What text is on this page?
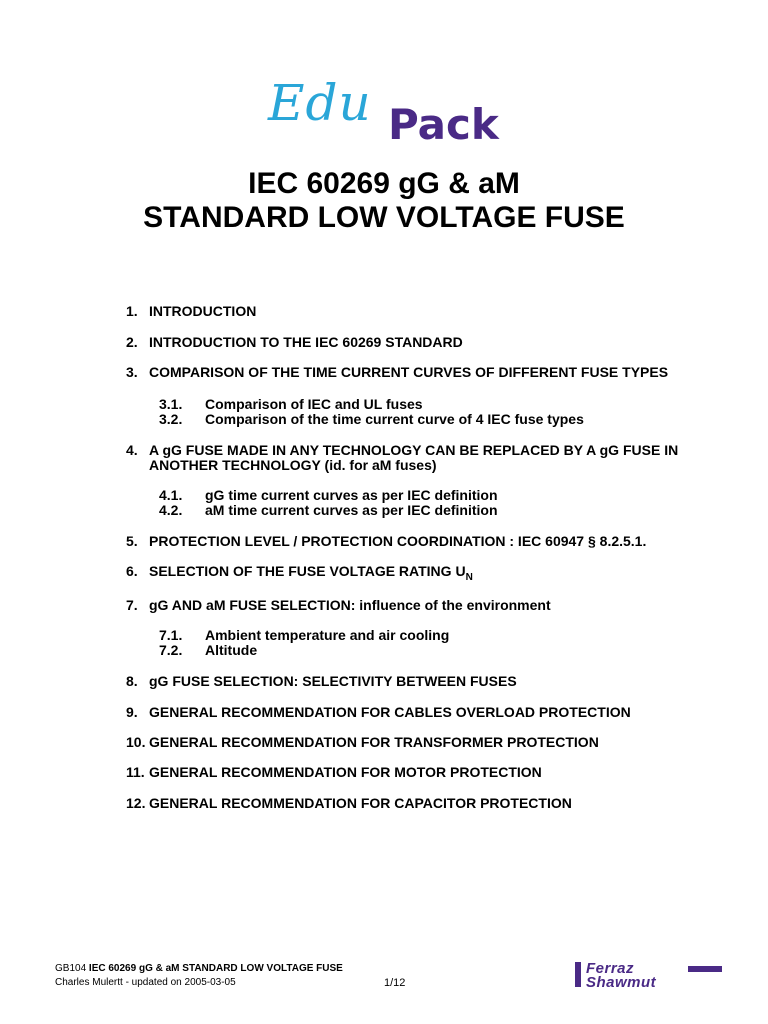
Edu Pack
IEC 60269 gG & aM
STANDARD LOW VOLTAGE FUSE
1. INTRODUCTION
2. INTRODUCTION TO THE IEC 60269 STANDARD
3. COMPARISON OF THE TIME CURRENT CURVES OF DIFFERENT FUSE TYPES
3.1. Comparison of IEC and UL fuses
3.2. Comparison of the time current curve of 4 IEC fuse types
4. A gG FUSE MADE IN ANY TECHNOLOGY CAN BE REPLACED BY A gG FUSE IN
ANOTHER TECHNOLOGY (id. for aM fuses)
4.1. gG time current curves as per IEC definition
4.2. aM time current curves as per IEC definition
5. PROTECTION LEVEL / PROTECTION COORDINATION : IEC 60947 § 8.2.5.1.
6. SELECTION OF THE FUSE VOLTAGE RATING $U_N$
7. gG AND aM FUSE SELECTION: influence of the environment
7.1. Ambient temperature and air cooling
7.2. Altitude
8. gG FUSE SELECTION: SELECTIVITY BETWEEN FUSES
9. GENERAL RECOMMENDATION FOR CABLES OVERLOAD PROTECTION
10. GENERAL RECOMMENDATION FOR TRANSFORMER PROTECTION
11. GENERAL RECOMMENDATION FOR MOTOR PROTECTION
12. GENERAL RECOMMENDATION FOR CAPACITOR PROTECTION
GB104 IEC 60269 gG & aM STANDARD LOW VOLTAGE FUSE
Charles Mulertt - updated on 2005-03-05	1/12
Ferraz
Shawmut
